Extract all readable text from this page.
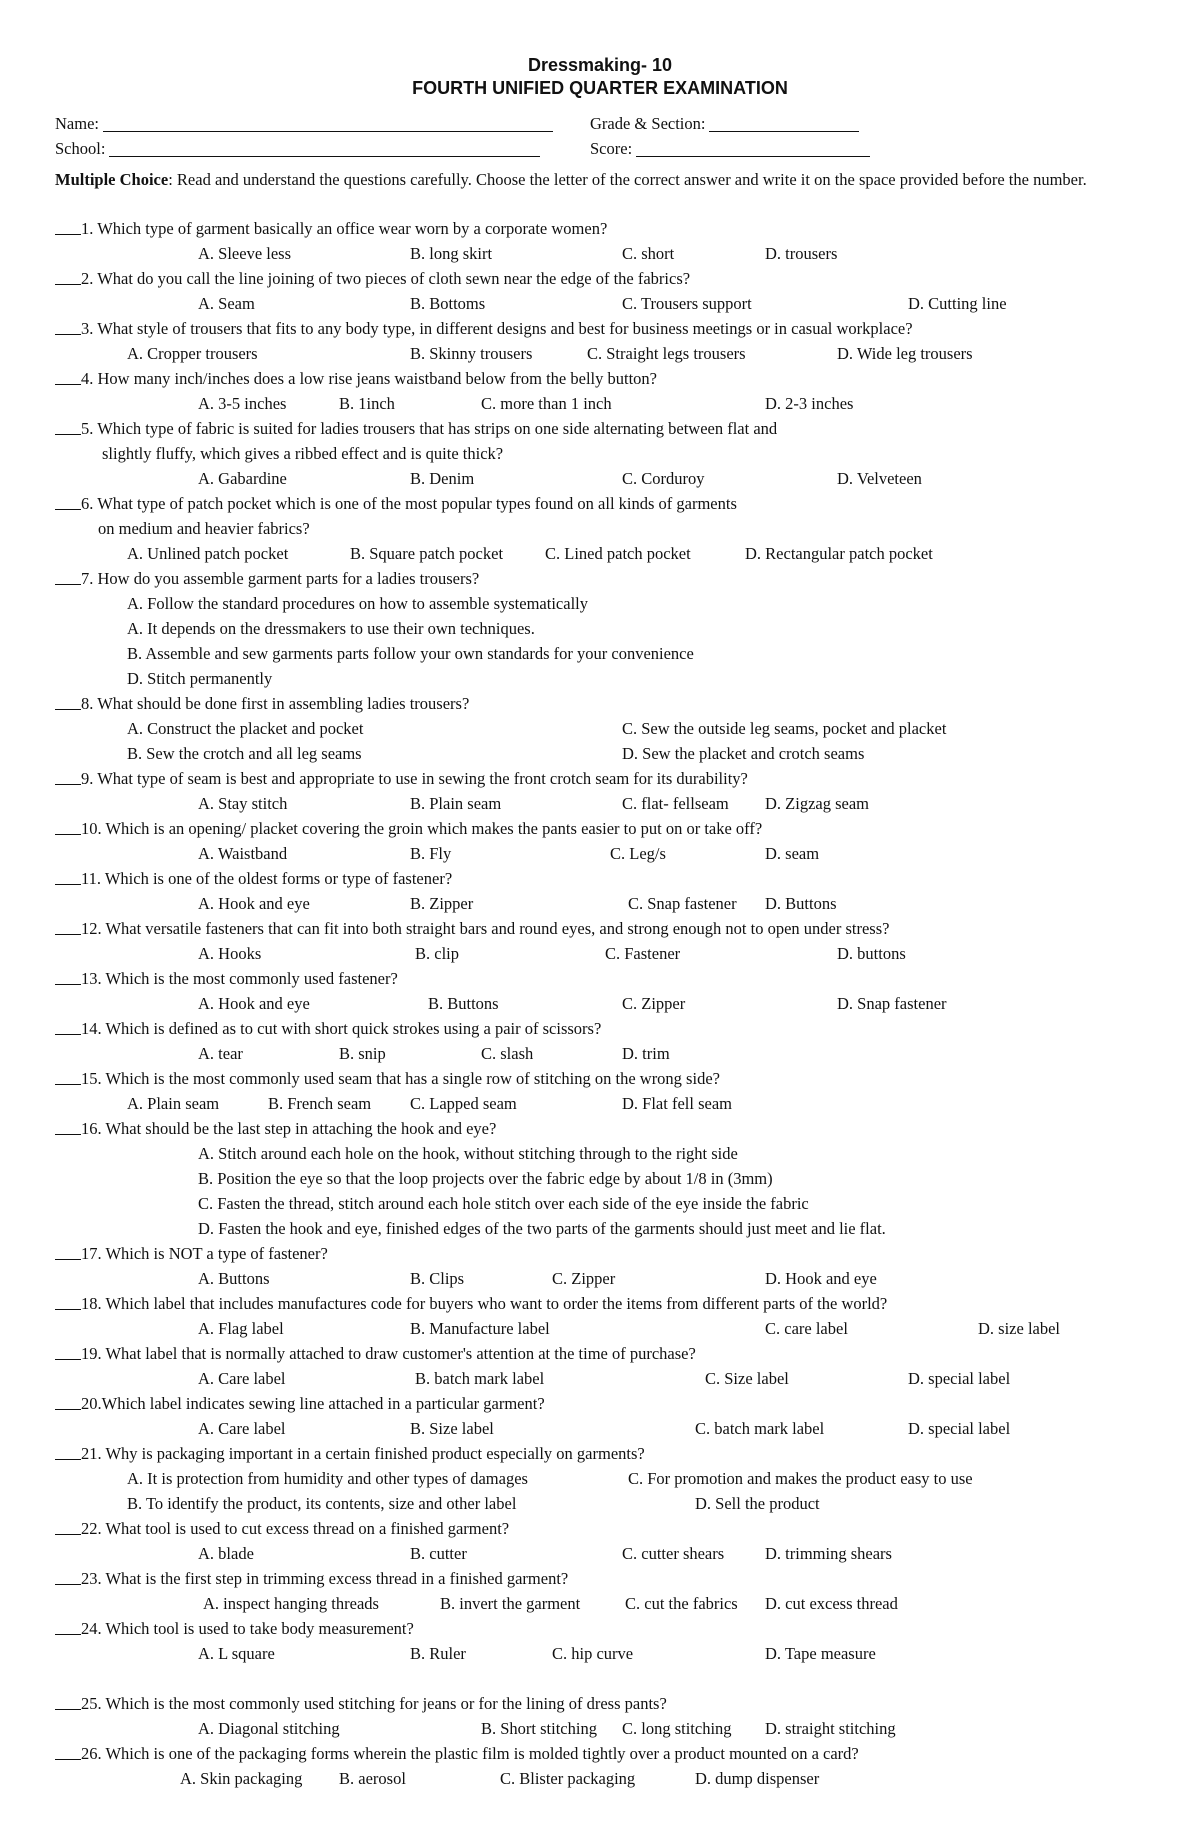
Dressmaking- 10
FOURTH UNIFIED QUARTER EXAMINATION
Name:	Grade & Section:
School:	Score:
Multiple Choice: Read and understand the questions carefully. Choose the letter of the correct answer and write it on the space provided before the number.
1. Which type of garment basically an office wear worn by a corporate women?
A. Sleeve less	B. long skirt	C. short	D. trousers
2. What do you call the line joining of two pieces of cloth sewn near the edge of the fabrics?
A. Seam	B. Bottoms	C. Trousers support	D. Cutting line
3. What style of trousers that fits to any body type, in different designs and best for business meetings or in casual workplace?
A. Cropper trousers	B. Skinny trousers	C. Straight legs trousers	D. Wide leg trousers
4. How many inch/inches does a low rise jeans waistband below from the belly button?
A. 3-5 inches	B. 1inch	C. more than 1 inch	D. 2-3 inches
5. Which type of fabric is suited for ladies trousers that has strips on one side alternating between flat and
slightly fluffy, which gives a ribbed effect and is quite thick?
A. Gabardine	B. Denim	C. Corduroy	D. Velveteen
6. What type of patch pocket which is one of the most popular types found on all kinds of garments
on medium and heavier fabrics?
A. Unlined patch pocket	B. Square patch pocket	C. Lined patch pocket	D. Rectangular patch pocket
7. How do you assemble garment parts for a ladies trousers?
A. Follow the standard procedures on how to assemble systematically
A. It depends on the dressmakers to use their own techniques.
B. Assemble and sew garments parts follow your own standards for your convenience
D. Stitch permanently
8. What should be done first in assembling ladies trousers?
A. Construct the placket and pocket	C. Sew the outside leg seams, pocket and placket
B. Sew the crotch and all leg seams	D. Sew the placket and crotch seams
9. What type of seam is best and appropriate to use in sewing the front crotch seam for its durability?
A. Stay stitch	B. Plain seam	C. flat- fellseam D. Zigzag seam
10. Which is an opening/ placket covering the groin which makes the pants easier to put on or take off?
A. Waistband	B. Fly	C. Leg/s	D. seam
11. Which is one of the oldest forms or type of fastener?
A. Hook and eye	B. Zipper	C. Snap fastener D. Buttons
12. What versatile fasteners that can fit into both straight bars and round eyes, and strong enough not to open under stress?
A. Hooks	B. clip	C. Fastener	D. buttons
13. Which is the most commonly used fastener?
A. Hook and eye	B. Buttons	C. Zipper	D. Snap fastener
14. Which is defined as to cut with short quick strokes using a pair of scissors?
A. tear	B. snip	C. slash	D. trim
15. Which is the most commonly used seam that has a single row of stitching on the wrong side?
A. Plain seam	B. French seam C. Lapped seam	D. Flat fell seam
16. What should be the last step in attaching the hook and eye?
A. Stitch around each hole on the hook, without stitching through to the right side
B. Position the eye so that the loop projects over the fabric edge by about 1/8 in (3mm)
C. Fasten the thread, stitch around each hole stitch over each side of the eye inside the fabric
D. Fasten the hook and eye, finished edges of the two parts of the garments should just meet and lie flat.
17. Which is NOT a type of fastener?
A. Buttons	B. Clips	C. Zipper	D. Hook and eye
18. Which label that includes manufactures code for buyers who want to order the items from different parts of the world?
A. Flag label	B. Manufacture label	C. care label	D. size label
19. What label that is normally attached to draw customer's attention at the time of purchase?
A. Care label	B. batch mark label	C. Size label	D. special label
20.Which label indicates sewing line attached in a particular garment?
A. Care label	B. Size label	C. batch mark label	D. special label
21. Why is packaging important in a certain finished product especially on garments?
A. It is protection from humidity and other types of damages	C. For promotion and makes the product easy to use
B. To identify the product, its contents, size and other label	D. Sell the product
22. What tool is used to cut excess thread on a finished garment?
A. blade	B. cutter	C. cutter shears D. trimming shears
23. What is the first step in trimming excess thread in a finished garment?
A. inspect hanging threads	B. invert the garment	C. cut the fabrics D. cut excess thread
24. Which tool is used to take body measurement?
A. L square	B. Ruler	C. hip curve	D. Tape measure
25. Which is the most commonly used stitching for jeans or for the lining of dress pants?
A. Diagonal stitching	B. Short stitching C. long stitching D. straight stitching
26. Which is one of the packaging forms wherein the plastic film is molded tightly over a product mounted on a card?
A. Skin packaging B. aerosol	C. Blister packaging	D. dump dispenser
